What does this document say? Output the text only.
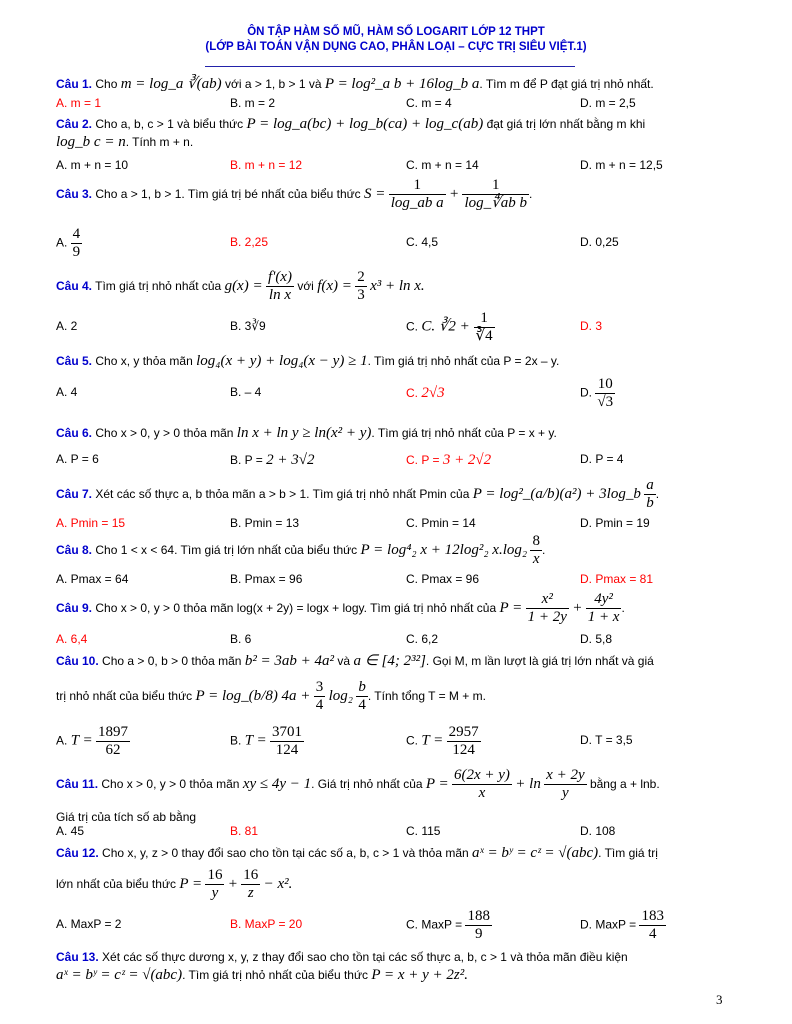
ÔN TẬP HÀM SỐ MŨ, HÀM SỐ LOGARIT LỚP 12 THPT
(LỚP BÀI TOÁN VẬN DỤNG CAO, PHÂN LOẠI – CỰC TRỊ SIÊU VIỆT.1)
Câu 1. Cho m = log_a ∛(ab) với a > 1, b > 1 và P = log²_a b + 16log_b a. Tìm m để P đạt giá trị nhỏ nhất.
A. m = 1	B. m = 2	C. m = 4	D. m = 2,5
Câu 2. Cho a, b, c > 1 và biểu thức P = log_a(bc) + log_b(ca) + log_c(ab) đạt giá trị lớn nhất bằng m khi
log_b c = n. Tính m + n.
A. m + n = 10	B. m + n = 12	C. m + n = 14	D. m + n = 12,5
Câu 3. Cho a > 1, b > 1. Tìm giá trị bé nhất của biểu thức $S = \frac{1}{\text{log\_ab a}} + \frac{1}{\text{log\_∜ab b}}$ .
A. $\frac{4}{9}$	B. 2,25	C. 4,5	D. 0,25
Câu 4. Tìm giá trị nhỏ nhất của $g(x) = \frac{f'(x)}{\text{ln x}}$ với $f(x) = \frac{2}{3} x^3 + \ln x$.
A. 2	B. 3∛9	C. C. ∛2 + $\frac{1}{∛4}$	D. 3
Câu 5. Cho x, y thỏa mãn log₄(x + y) + log₄(x − y) ≥ 1. Tìm giá trị nhỏ nhất của P = 2x – y.
A. 4	B. – 4	C. 2√3	D. $\frac{10}{√3}$
Câu 6. Cho x > 0, y > 0 thỏa mãn ln x + ln y ≥ ln(x² + y). Tìm giá trị nhỏ nhất của P = x + y.
A. P = 6	B. P = 2 + 3√2	C. P = 3 + 2√2	D. P = 4
Câu 7. Xét các số thực a, b thỏa mãn a > b > 1. Tìm giá trị nhỏ nhất Pmin của P = log²_(a/b)(a²) + 3log_b $\frac{a}{b}$ .
A. Pmin = 15	B. Pmin = 13	C. Pmin = 14	D. Pmin = 19
Câu 8. Cho 1 < x < 64. Tìm giá trị lớn nhất của biểu thức P = log⁴₂ x + 12log²₂ $x.\log_2 \frac{8}{x}$ .
A. Pmax = 64	B. Pmax = 96	C. Pmax = 96	D. Pmax = 81
Câu 9. Cho x > 0, y > 0 thỏa mãn log(x + 2y) = logx + logy. Tìm giá trị nhỏ nhất của $P = \frac{\text{x²}}{1 + 2y} + \frac{\text{4y²}}{1 + x}$ .
A. 6,4	B. 6	C. 6,2	D. 5,8
Câu 10. Cho a > 0, b > 0 thỏa mãn b² = 3ab + 4a² và a ∈ [4; 2³²]. Gọi M, m lần lượt là giá trị lớn nhất và giá
trị nhỏ nhất của biểu thức P = log_(b/8) $4a + \frac{3}{4} \log_2 \frac{b}{4}$ . Tính tổng T = M + m.
A. $T = \frac{1897}{62}$	B. $T = \frac{3701}{124}$	C. $T = \frac{2957}{124}$	D. T = 3,5
Câu 11. Cho x > 0, y > 0 thỏa mãn xy ≤ 4y − 1. Giá trị nhỏ nhất của $P = \frac{6(2x + y)}{x} + \ln \frac{x + 2y}{y}$ bằng a + lnb.
Giá trị của tích số ab bằng
A. 45	B. 81	C. 115	D. 108
Câu 12. Cho x, y, z > 0 thay đổi sao cho tồn tại các số a, b, c > 1 và thỏa mãn aˣ = bʸ = cᶻ = √(abc). Tìm giá trị
lớn nhất của biểu thức $P = \frac{16}{y} + \frac{16}{z} - x^2$.
A. MaxP = 2	B. MaxP = 20	C. MaxP = $\frac{188}{9}$	D. MaxP = $\frac{183}{4}$
Câu 13. Xét các số thực dương x, y, z thay đổi sao cho tồn tại các số thực a, b, c > 1 và thỏa mãn điều kiện
aˣ = bʸ = cᶻ = √(abc). Tìm giá trị nhỏ nhất của biểu thức P = x + y + 2z².
3
